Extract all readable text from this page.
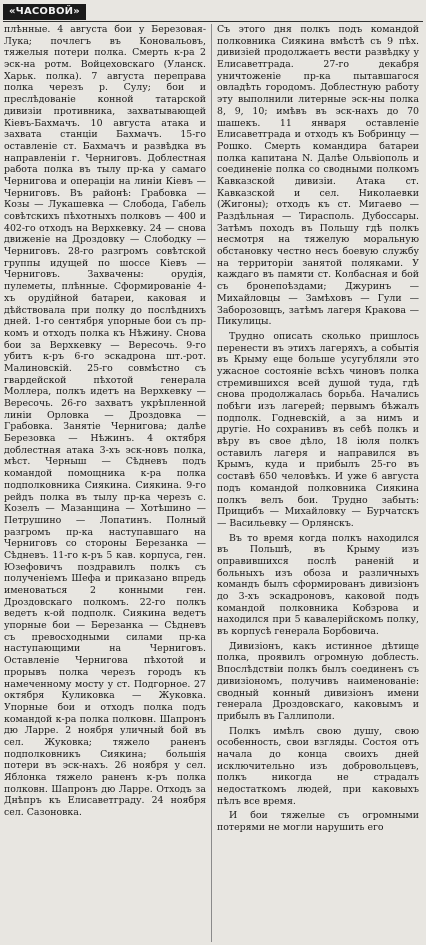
«ЧАСОВОЙ»

плѣнные. 4 августа бои у Березовая-Лука; почлегъ въ Коновальовъ, тяжелыя потери полка. Смерть к-ра 2 эск-на ротм. Войцеховскаго (Уланск. Харьк. полка). 7 августа переправа полка черезъ р. Сулу; бои и преслѣдованіе конной татарской дивизіи противника, захватывающей Кіевъ-Бахмачъ. 10 августа атака и захвата станціи Бахмачъ. 15-го оставленіе ст. Бахмачъ и развѣдка въ направленіи г. Черниговъ. Доблестная работа полка въ тылу пр-ка у самаго Чернигова и операціи на линіи Кіевъ — Черниговъ. Въ районѣ: Грабовка — Козы — Лукашевка — Слобода, Габель совѣтскихъ пѣхотныхъ полковъ — 400 и 402-го отходъ на Верхкевку. 24 — снова движеніе на Дроздовку — Слободку — Черниговъ. 28-го разгромъ совѣтской группы идущей по шоссе Кіевъ — Черниговъ. Захвачены: орудія, пулеметы, плѣнные. Сформированіе 4-хъ орудійной батареи, каковая и дѣйствовала при полку до послѣднихъ дней. 1-го сентября упорные бои съ пр-комъ и отходъ полка къ Нѣжину. Снова бои за Верхкевку — Вересочь. 9-го убитъ к-ръ 6-го эскадрона шт.-рот. Малиновскій. 25-го совмѣстно съ гвардейской пѣхотой генерала Моллера, полкъ идетъ на Верхкевку — Вересочь. 26-го захватъ укрѣпленной линіи Орловка — Дроздовка — Грабовка. Занятіе Чернигова; далѣе Березовка — Нѣжинъ. 4 октября доблестная атака 3-хъ эск-новъ полка, мѣст. Черныш — Сѣдневъ подъ командой помощника к-ра полка подполковника Сиякина. Сиякина. 9-го рейдъ полка въ тылу пр-ка черезъ с. Козелъ — Мазанщина — Хотѣшино — Петрушино — Лопатинъ. Полный разгромъ пр-ка наступавшаго на Черниговъ со стороны Березанка — Сѣдневъ. 11-го к-ръ 5 кав. корпуса, ген. Юзефовичъ поздравилъ полкъ съ полученіемъ Шефа и приказано впредь именоваться 2 конными ген. Дроздовскаго полкомъ. 22-го полкъ ведетъ к-ой подполк. Сиякина ведетъ упорные бои — Березанка — Сѣдневъ съ превосходными силами пр-ка наступающими на Черниговъ. Оставленіе Чернигова пѣхотой и прорывъ полка черезъ городъ къ намеченному мосту у ст. Подгорное. 27 октября Куликовка — Жуковка. Упорные бои и отходъ полка подъ командой к-ра полка полковн. Шапронъ дю Ларре. 2 ноября уличный бой въ сел. Жуковка; тяжело раненъ подполковникъ Сиякина; большія потери въ эск-нахъ. 26 ноября у сел. Яблонка тяжело раненъ к-ръ полка полковн. Шапронъ дю Ларре. Отходъ за Днѣпръ къ Елисаветграду. 24 ноября сел. Сазоновка.

Съ этого дня полкъ подъ командой полковника Сиякина вмѣстѣ съ 9 пѣх. дивизіей продолжаетъ вести развѣдку у Елисаветграда. 27-го декабря уничтоженіе пр-ка пытавшагося овладѣть городомъ. Доблестную работу эту выполнили литерные эск-ны полка 8, 9, 10; имѣвъ въ эск-нахъ до 70 шашекъ. 11 января оставленіе Елисаветграда и отходъ къ Бобринцу — Рошко. Смерть командира батареи полка капитана N. Далѣе Ольвіополь и соединеніе полка со сводными полкомъ Кавказской дивизіи. Атака ст. Кавказской и сел. Николаевки (Жигоны); отходъ къ ст. Мигаево — Раздѣльная — Тирасполь. Дубоссары. Затѣмъ походъ въ Польшу гдѣ полкъ несмотря на тяжелую моральную обстановку честно несъ боевую службу на территоріи занятой поляками. У каждаго въ памяти ст. Колбасная и бой съ бронепоѣздами; Джуринъ — Михайловцы — Замѣховъ — Гули — Заборозовщъ, затѣмъ лагеря Кракова — Пикулицы.

Трудно описать сколько пришлось перенести въ этихъ лагеряхъ, а событія въ Крыму еще больше усугубляли это ужасное состояніе всѣхъ чиновъ полка стремившихся всей душой туда, гдѣ снова продолжалась борьба. Начались побѣги изъ лагерей; первымъ бѣжалъ подполк. Годневскій, а за нимъ и другіе. Но сохранивъ въ себѣ полкъ и вѣру въ свое дѣло, 18 іюля полкъ оставилъ лагеря и направился въ Крымъ, куда и прибылъ 25-го въ составѣ 650 человѣкъ. И уже 6 августа подъ командой полковника Сиякина полкъ велъ бои. Трудно забыть: Прищибъ — Михайловку — Бурчатскъ — Васильевку — Орлянскъ.

Въ то время когда полкъ находился въ Польшѣ, въ Крыму изъ оправившихся послѣ раненій и больныхъ изъ обоза и различныхъ командъ былъ сформированъ дивизіонъ до 3-хъ эскадроновъ, каковой подъ командой полковника Кобзрова и находился при 5 кавалерійскомъ полку, въ корпусѣ генерала Борбовича.

Дивизіонъ, какъ истинное дѣтище полка, проявилъ огромную доблесть. Впослѣдствіи полкъ былъ соединенъ съ дивизіономъ, получивъ наименованіе: сводный конный дивизіонъ имени генерала Дроздовскаго, каковымъ и прибылъ въ Галлиполи.

Полкъ имѣлъ свою душу, свою особенность, свои взгляды. Состоя отъ начала до конца своихъ дней исключительно изъ добровольцевъ, полкъ никогда не страдалъ недостаткомъ людей, при каковыхъ пѣлъ все время.

И бои тяжелые съ огромными потерями не могли нарушить его
